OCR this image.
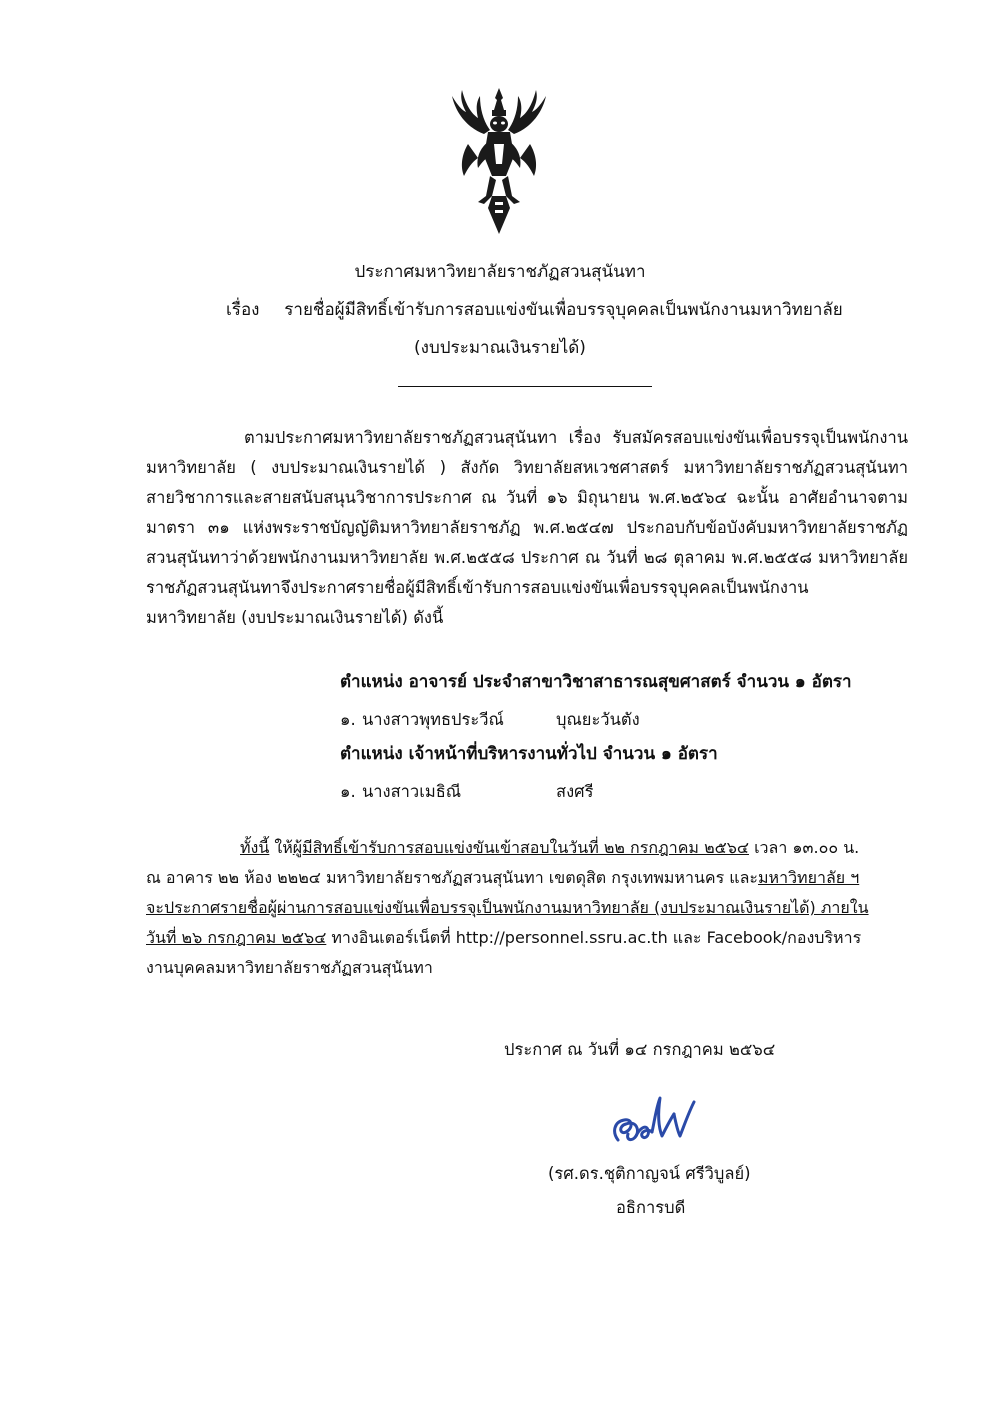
ประกาศมหาวิทยาลัยราชภัฏสวนสุนันทา
เรื่อง รายชื่อผู้มีสิทธิ์เข้ารับการสอบแข่งขันเพื่อบรรจุบุคคลเป็นพนักงานมหาวิทยาลัย
(งบประมาณเงินรายได้)
ตามประกาศมหาวิทยาลัยราชภัฏสวนสุนันทา เรื่อง รับสมัครสอบแข่งขันเพื่อบรรจุเป็นพนักงาน
มหาวิทยาลัย ( งบประมาณเงินรายได้ ) สังกัด วิทยาลัยสหเวชศาสตร์ มหาวิทยาลัยราชภัฏสวนสุนันทา
สายวิชาการและสายสนับสนุนวิชาการประกาศ ณ วันที่ ๑๖ มิถุนายน พ.ศ.๒๕๖๔ ฉะนั้น อาศัยอำนาจตาม
มาตรา ๓๑ แห่งพระราชบัญญัติมหาวิทยาลัยราชภัฏ พ.ศ.๒๕๔๗ ประกอบกับข้อบังคับมหาวิทยาลัยราชภัฏ
สวนสุนันทาว่าด้วยพนักงานมหาวิทยาลัย พ.ศ.๒๕๕๘ ประกาศ ณ วันที่ ๒๘ ตุลาคม พ.ศ.๒๕๕๘ มหาวิทยาลัย
ราชภัฏสวนสุนันทาจึงประกาศรายชื่อผู้มีสิทธิ์เข้ารับการสอบแข่งขันเพื่อบรรจุบุคคลเป็นพนักงาน
มหาวิทยาลัย (งบประมาณเงินรายได้) ดังนี้
ตำแหน่ง อาจารย์ ประจำสาขาวิชาสาธารณสุขศาสตร์ จำนวน ๑ อัตรา
๑. นางสาวพุทธประวีณ์	บุณยะวันตัง
ตำแหน่ง เจ้าหน้าที่บริหารงานทั่วไป จำนวน ๑ อัตรา
๑. นางสาวเมธิณี	สงศรี
ทั้งนี้ ให้ผู้มีสิทธิ์เข้ารับการสอบแข่งขันเข้าสอบในวันที่ ๒๒ กรกฎาคม ๒๕๖๔ เวลา ๑๓.๐๐ น.
ณ อาคาร ๒๒ ห้อง ๒๒๒๔ มหาวิทยาลัยราชภัฏสวนสุนันทา เขตดุสิต กรุงเทพมหานคร และมหาวิทยาลัย ฯ
จะประกาศรายชื่อผู้ผ่านการสอบแข่งขันเพื่อบรรจุเป็นพนักงานมหาวิทยาลัย (งบประมาณเงินรายได้) ภายใน
วันที่ ๒๖ กรกฎาคม ๒๕๖๔ ทางอินเตอร์เน็ตที่ http://personnel.ssru.ac.th และ Facebook/กองบริหาร
งานบุคคลมหาวิทยาลัยราชภัฏสวนสุนันทา
ประกาศ ณ วันที่ ๑๔ กรกฎาคม ๒๕๖๔
(รศ.ดร.ชุติกาญจน์ ศรีวิบูลย์)
อธิการบดี
